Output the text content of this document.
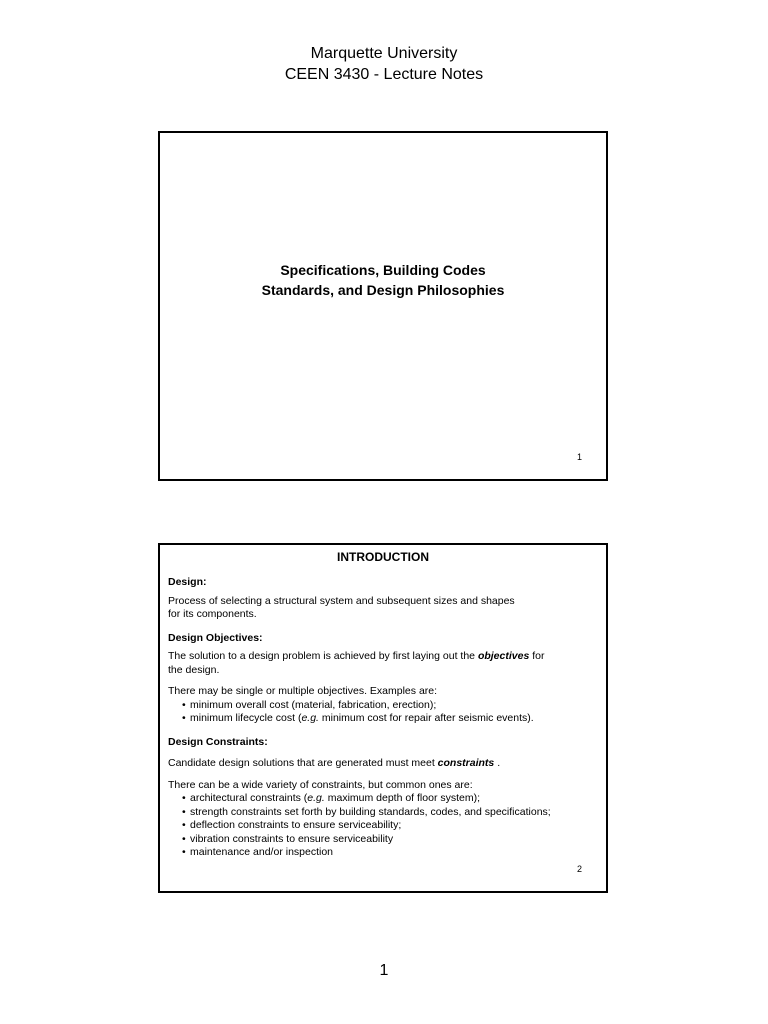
Marquette University
CEEN 3430 - Lecture Notes
Specifications, Building Codes
Standards, and Design Philosophies
1
INTRODUCTION
Design:

Process of selecting a structural system and subsequent sizes and shapes
for its components.

Design Objectives:

The solution to a design problem is achieved by first laying out the objectives for
the design.

There may be single or multiple objectives. Examples are:

• minimum overall cost (material, fabrication, erection);
• minimum lifecycle cost (e.g. minimum cost for repair after seismic events).
Design Constraints:

Candidate design solutions that are generated must meet constraints .

There can be a wide variety of constraints, but common ones are:

• architectural constraints (e.g. maximum depth of floor system);
• strength constraints set forth by building standards, codes, and specifications;
• deflection constraints to ensure serviceability;
• vibration constraints to ensure serviceability
• maintenance and/or inspection
2
1
